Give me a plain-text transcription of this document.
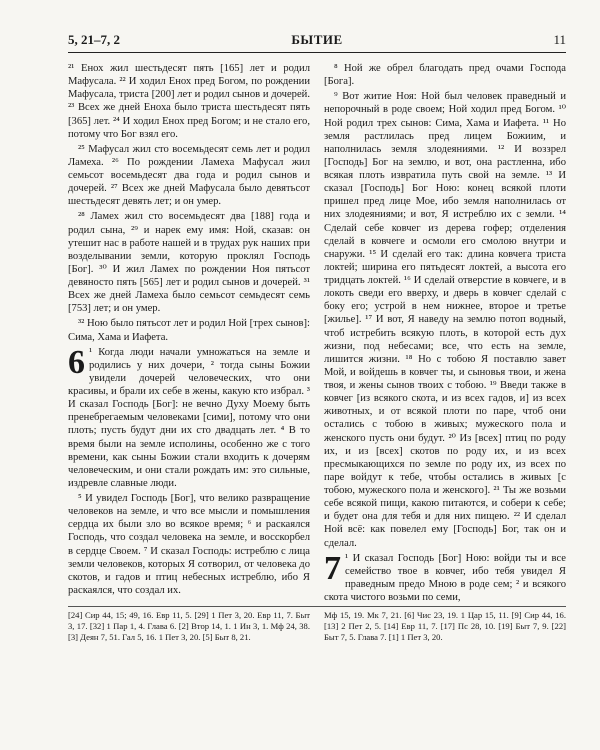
5, 21–7, 2	БЫТИЕ	11

²¹ Енох жил шестьдесят пять [165] лет и родил Мафусала. ²² И ходил Енох пред Богом, по рождении Мафусала, триста [200] лет и родил сынов и дочерей. ²³ Всех же дней Еноха было триста шестьдесят пять [365] лет. ²⁴ И ходил Енох пред Богом; и не стало его, потому что Бог взял его.

²⁵ Мафусал жил сто восемьдесят семь лет и родил Ламеха. ²⁶ По рождении Ламеха Мафусал жил семьсот восемьдесят два года и родил сынов и дочерей. ²⁷ Всех же дней Мафусала было девятьсот шестьдесят девять лет; и он умер.

²⁸ Ламех жил сто восемьдесят два [188] года и родил сына, ²⁹ и нарек ему имя: Ной, сказав: он утешит нас в работе нашей и в трудах рук наших при возделывании земли, которую проклял Господь [Бог]. ³⁰ И жил Ламех по рождении Ноя пятьсот девяносто пять [565] лет и родил сынов и дочерей. ³¹ Всех же дней Ламеха было семьсот семьдесят семь [753] лет; и он умер.

³² Ною было пятьсот лет и родил Ной [трех сынов]: Сима, Хама и Иафета.

6 ¹ Когда люди начали умножаться на земле и родились у них дочери, ² тогда сыны Божии увидели дочерей человеческих, что они красивы, и брали их себе в жены, какую кто избрал. ³ И сказал Господь [Бог]: не вечно Духу Моему быть пренебрегаемым человеками [сими], потому что они плоть; пусть будут дни их сто двадцать лет. ⁴ В то время были на земле исполины, особенно же с того времени, как сыны Божии стали входить к дочерям человеческим, и они стали рождать им: это сильные, издревле славные люди.

⁵ И увидел Господь [Бог], что велико развращение человеков на земле, и что все мысли и помышления сердца их были зло во всякое время; ⁶ и раскаялся Господь, что создал человека на земле, и восскорбел в сердце Своем. ⁷ И сказал Господь: истреблю с лица земли человеков, которых Я сотворил, от человека до скотов, и гадов и птиц небесных истреблю, ибо Я раскаялся, что создал их.

⁸ Ной же обрел благодать пред очами Господа [Бога].

⁹ Вот житие Ноя: Ной был человек праведный и непорочный в роде своем; Ной ходил пред Богом. ¹⁰ Ной родил трех сынов: Сима, Хама и Иафета. ¹¹ Но земля растлилась пред лицем Божиим, и наполнилась земля злодеяниями. ¹² И воззрел [Господь] Бог на землю, и вот, она растленна, ибо всякая плоть извратила путь свой на земле. ¹³ И сказал [Господь] Бог Ною: конец всякой плоти пришел пред лице Мое, ибо земля наполнилась от них злодеяниями; и вот, Я истреблю их с земли. ¹⁴ Сделай себе ковчег из дерева гофер; отделения сделай в ковчеге и осмоли его смолою внутри и снаружи. ¹⁵ И сделай его так: длина ковчега триста локтей; ширина его пятьдесят локтей, а высота его тридцать локтей. ¹⁶ И сделай отверстие в ковчеге, и в локоть сведи его вверху, и дверь в ковчег сделай с боку его; устрой в нем нижнее, второе и третье [жилье]. ¹⁷ И вот, Я наведу на землю потоп водный, чтоб истребить всякую плоть, в которой есть дух жизни, под небесами; все, что есть на земле, лишится жизни. ¹⁸ Но с тобою Я поставлю завет Мой, и войдешь в ковчег ты, и сыновья твои, и жена твоя, и жены сынов твоих с тобою. ¹⁹ Введи также в ковчег [из всякого скота, и из всех гадов, и] из всех животных, и от всякой плоти по паре, чтоб они остались с тобою в живых; мужеского пола и женского пусть они будут. ²⁰ Из [всех] птиц по роду их, и из [всех] скотов по роду их, и из всех пресмыкающихся по земле по роду их, из всех по паре войдут к тебе, чтобы остались в живых [с тобою, мужеского пола и женского]. ²¹ Ты же возьми себе всякой пищи, какою питаются, и собери к себе; и будет она для тебя и для них пищею. ²² И сделал Ной всё: как повелел ему [Господь] Бог, так он и сделал.

7 ¹ И сказал Господь [Бог] Ною: войди ты и все семейство твое в ковчег, ибо тебя увидел Я праведным предо Мною в роде сем; ² и всякого скота чистого возьми по семи,

[24] Сир 44, 15; 49, 16. Евр 11, 5. [29] 1 Пет 3, 20. Евр 11, 7. Быт 3, 17. [32] 1 Пар 1, 4. Глава 6. [2] Втор 14, 1. 1 Ин 3, 1. Мф 24, 38. [3] Деян 7, 51. Гал 5, 16. 1 Пет 3, 20. [5] Быт 8, 21.
Мф 15, 19. Мк 7, 21. [6] Чис 23, 19. 1 Цар 15, 11. [9] Сир 44, 16. [13] 2 Пет 2, 5. [14] Евр 11, 7. [17] Пс 28, 10. [19] Быт 7, 9. [22] Быт 7, 5. Глава 7. [1] 1 Пет 3, 20.
